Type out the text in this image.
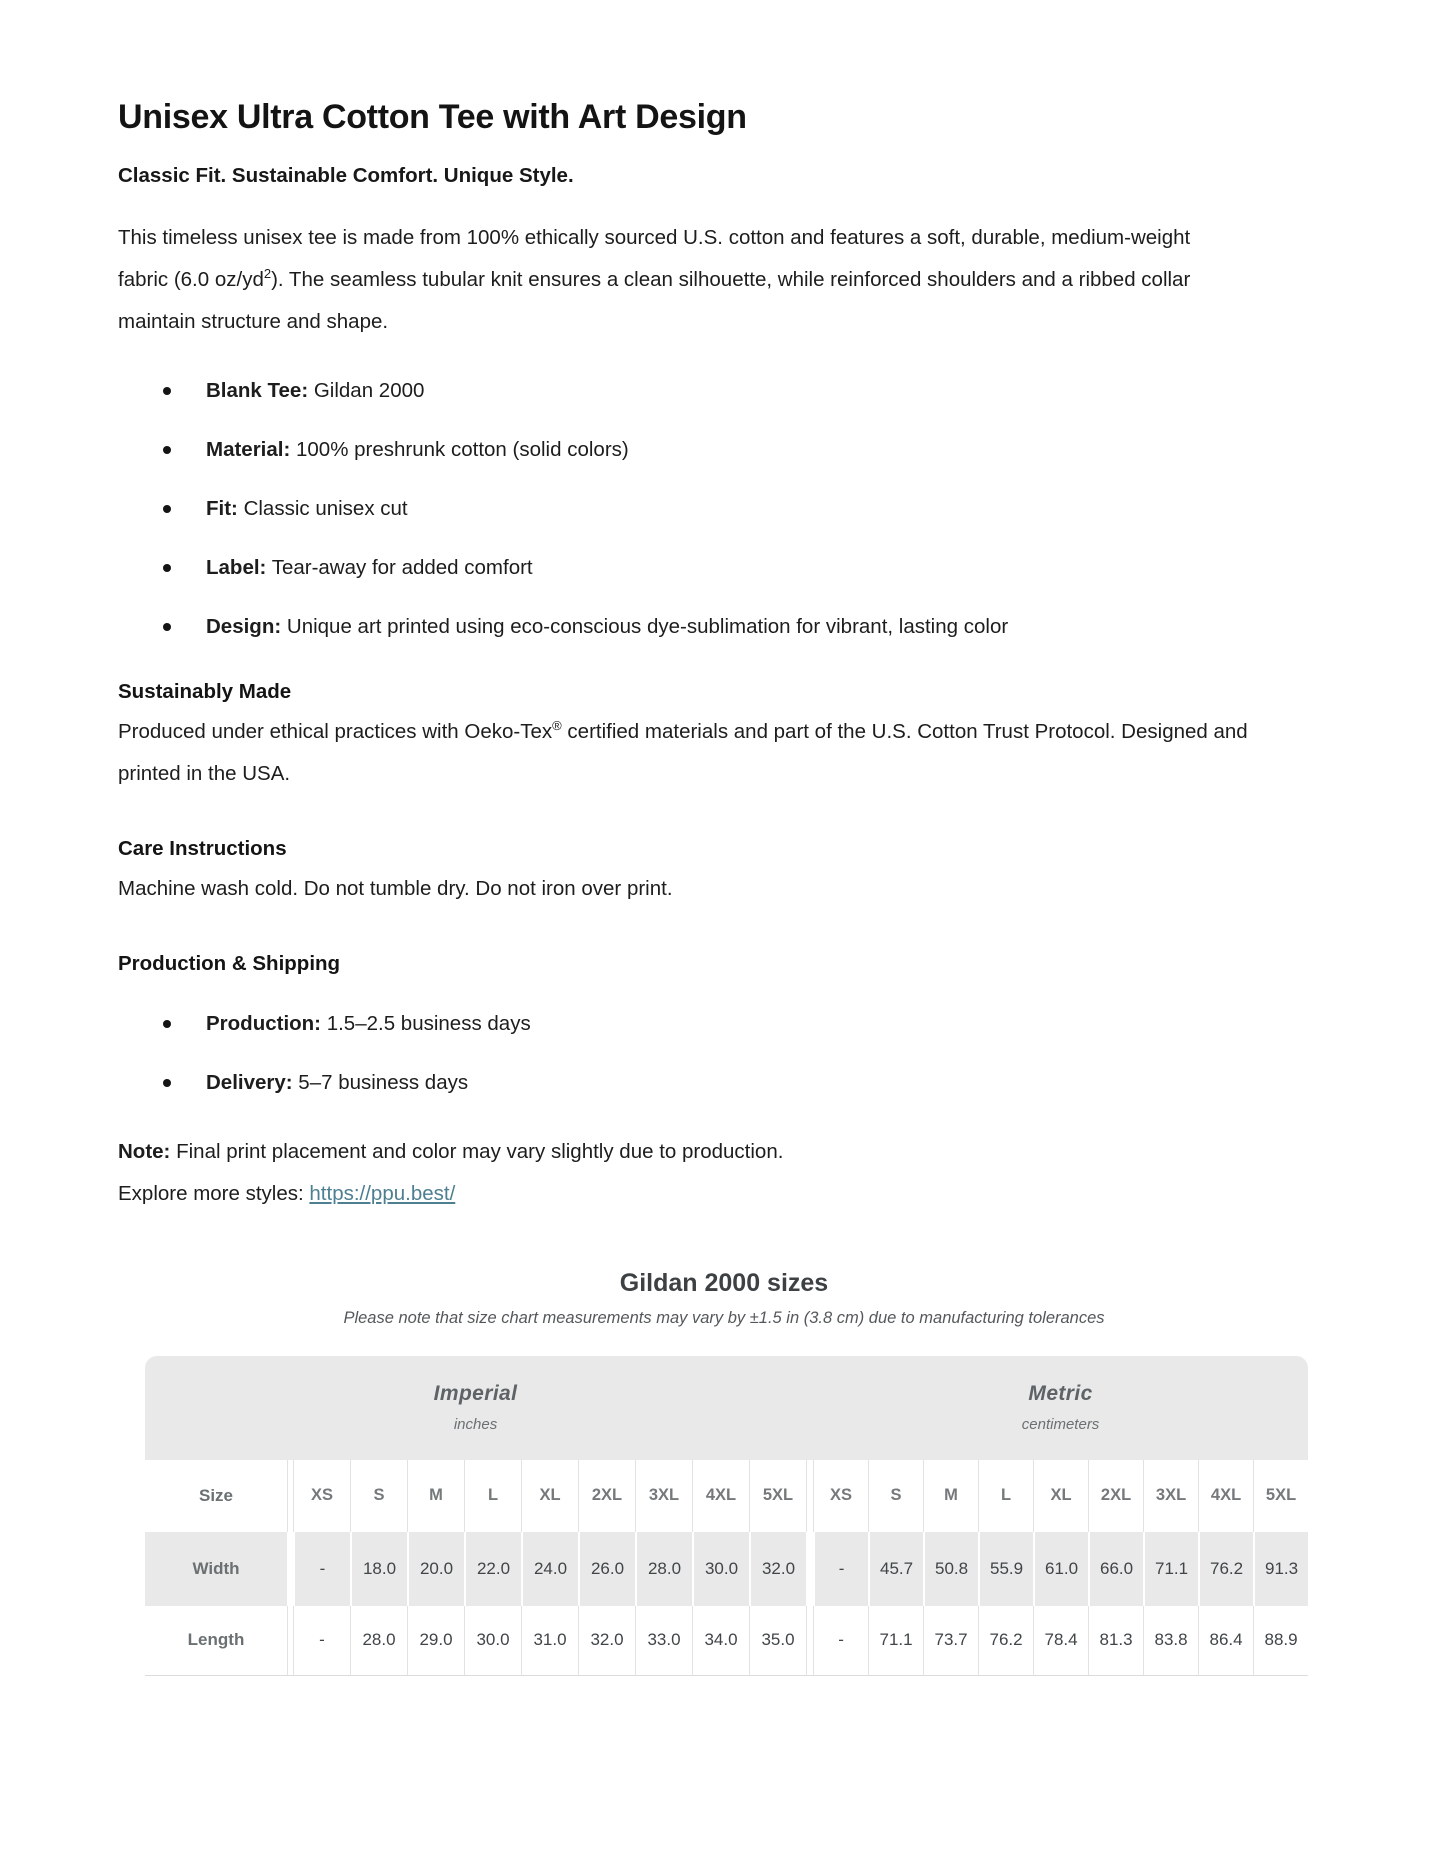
Unisex Ultra Cotton Tee with Art Design

Classic Fit. Sustainable Comfort. Unique Style.

This timeless unisex tee is made from 100% ethically sourced U.S. cotton and features a soft, durable, medium-weight fabric (6.0 $oz/yd^2$). The seamless tubular knit ensures a clean silhouette, while reinforced shoulders and a ribbed collar maintain structure and shape.

Blank Tee: Gildan 2000
Material: 100% preshrunk cotton (solid colors)
Fit: Classic unisex cut
Label: Tear-away for added comfort
Design: Unique art printed using eco-conscious dye-sublimation for vibrant, lasting color
Sustainably Made

Produced under ethical practices with Oeko-Tex® certified materials and part of the U.S. Cotton Trust Protocol. Designed and printed in the USA.

Care Instructions

Machine wash cold. Do not tumble dry. Do not iron over print.

Production & Shipping
Production: 1.5–2.5 business days
Delivery: 5–7 business days

Note: Final print placement and color may vary slightly due to production.
Explore more styles: https://ppu.best/

Gildan 2000 sizes

Please note that size chart measurements may vary by ±1.5 in (3.8 cm) due to manufacturing tolerances

Imperial
inches

Metric
centimeters

Size		XS	S	M	L	XL	2XL	3XL	4XL	5XL		XS	S	M	L	XL	2XL	3XL	4XL	5XL
Width		-	18.0	20.0	22.0	24.0	26.0	28.0	30.0	32.0		-	45.7	50.8	55.9	61.0	66.0	71.1	76.2	91.3
Length		-	28.0	29.0	30.0	31.0	32.0	33.0	34.0	35.0		-	71.1	73.7	76.2	78.4	81.3	83.8	86.4	88.9
